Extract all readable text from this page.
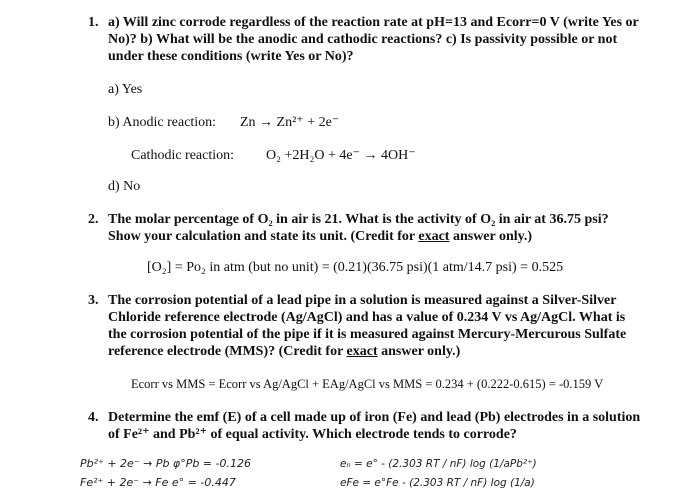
1. a) Will zinc corrode regardless of the reaction rate at pH=13 and Ecorr=0 V (write Yes or
No)? b) What will be the anodic and cathodic reactions? c) Is passivity possible or not
under these conditions (write Yes or No)?
a) Yes
b) Anodic reaction: Zn → Zn²⁺ + 2e⁻
Cathodic reaction: O₂ +2H₂O + 4e⁻ → 4OH⁻
d) No
2. The molar percentage of O₂ in air is 21. What is the activity of O₂ in air at 36.75 psi?
Show your calculation and state its unit. (Credit for exact answer only.)
[O₂] = Po₂ in atm (but no unit) = (0.21)(36.75 psi)(1 atm/14.7 psi) = 0.525
3. The corrosion potential of a lead pipe in a solution is measured against a Silver-Silver
Chloride reference electrode (Ag/AgCl) and has a value of 0.234 V vs Ag/AgCl. What is
the corrosion potential of the pipe if it is measured against Mercury-Mercurous Sulfate
reference electrode (MMS)? (Credit for exact answer only.)
Ecorr vs MMS = Ecorr vs Ag/AgCl + EAg/AgCl vs MMS = 0.234 + (0.222-0.615) = -0.159 V
4. Determine the emf (E) of a cell made up of iron (Fe) and lead (Pb) electrodes in a solution
of Fe²⁺ and Pb²⁺ of equal activity. Which electrode tends to corrode?
Pb²⁺ + 2e⁻ → Pb φ°Pb = -0.126
Fe²⁺ + 2e⁻ → Fe e° = -0.447
eₙ = e° - (2.303 RT / nF) log (1/aPb²⁺)
eFe = e°Fe - (2.303 RT / nF) log (1/a)
